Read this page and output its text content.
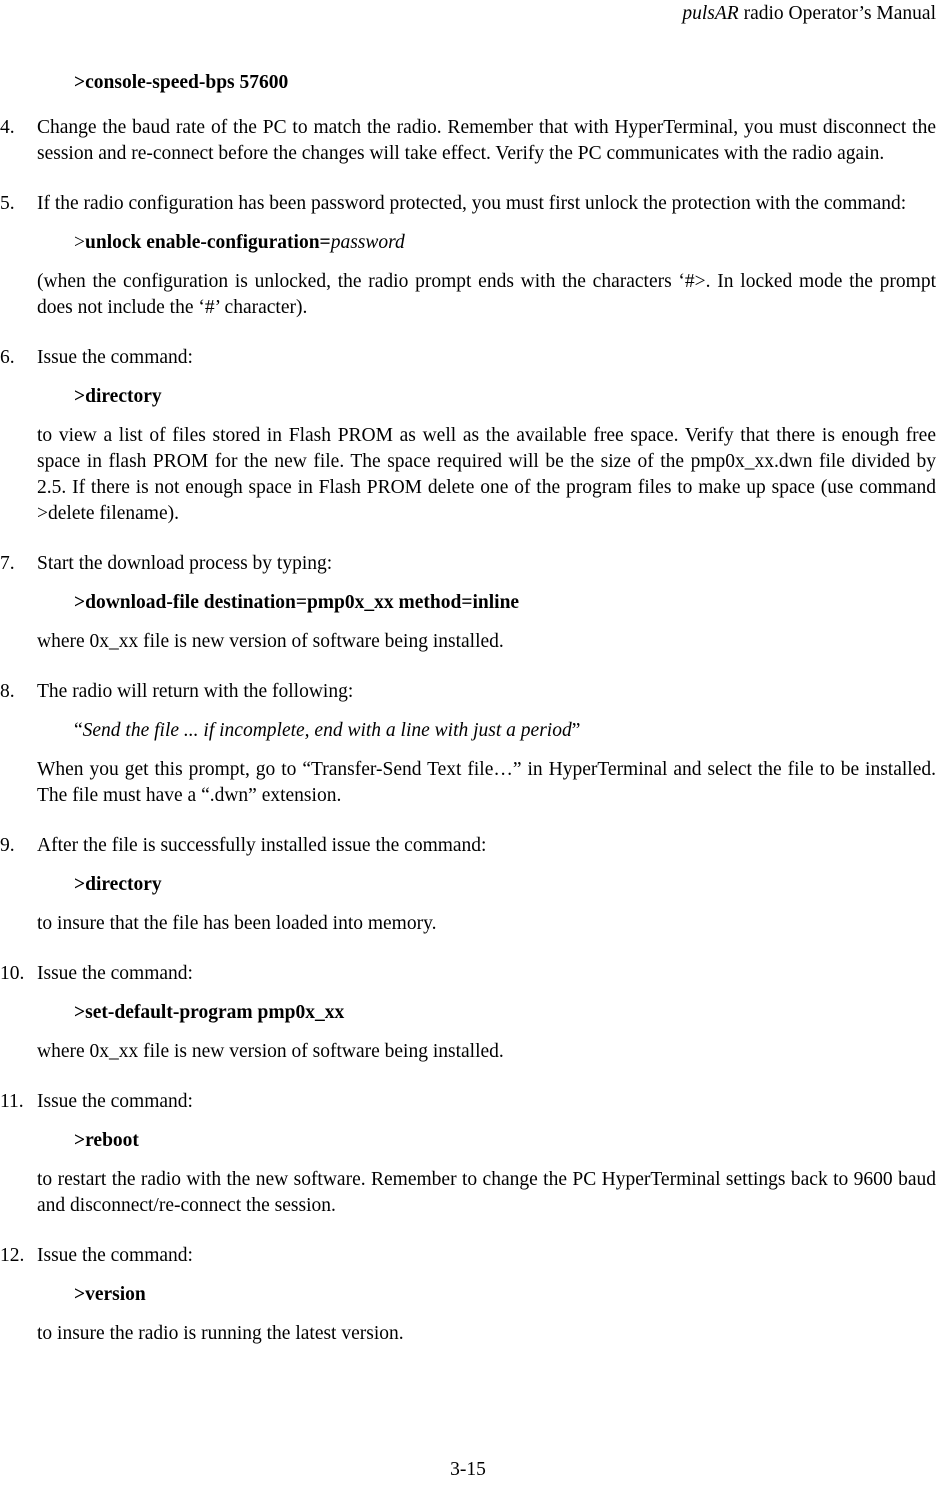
pulsAR radio Operator’s Manual
>console-speed-bps 57600
4. Change the baud rate of the PC to match the radio. Remember that with HyperTerminal, you must disconnect the session and re-connect before the changes will take effect. Verify the PC communicates with the radio again.
5. If the radio configuration has been password protected, you must first unlock the protection with the command:
>unlock enable-configuration=password
(when the configuration is unlocked, the radio prompt ends with the characters ‘#>. In locked mode the prompt does not include the ‘#’ character).
6. Issue the command:
>directory
to view a list of files stored in Flash PROM as well as the available free space. Verify that there is enough free space in flash PROM for the new file. The space required will be the size of the pmp0x_xx.dwn file divided by 2.5. If there is not enough space in Flash PROM delete one of the program files to make up space (use command >delete filename).
7. Start the download process by typing:
>download-file destination=pmp0x_xx method=inline
where 0x_xx file is new version of software being installed.
8. The radio will return with the following:
“Send the file ... if incomplete, end with a line with just a period”
When you get this prompt, go to “Transfer-Send Text file…” in HyperTerminal and select the file to be installed. The file must have a “.dwn” extension.
9. After the file is successfully installed issue the command:
>directory
to insure that the file has been loaded into memory.
10. Issue the command:
>set-default-program pmp0x_xx
where 0x_xx file is new version of software being installed.
11. Issue the command:
>reboot
to restart the radio with the new software. Remember to change the PC HyperTerminal settings back to 9600 baud and disconnect/re-connect the session.
12. Issue the command:
>version
to insure the radio is running the latest version.
3-15
